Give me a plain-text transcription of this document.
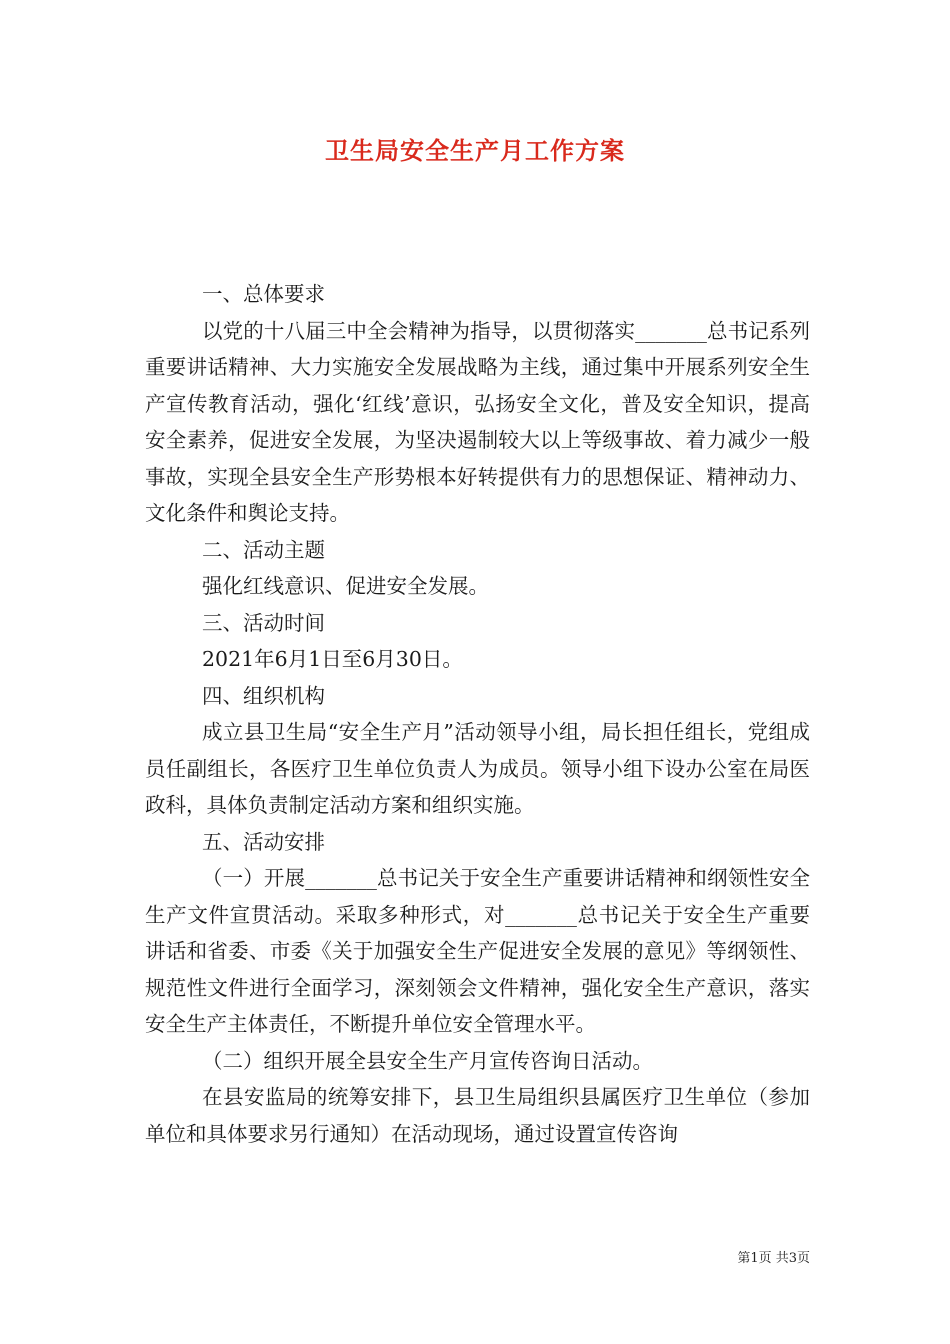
卫生局安全生产月工作方案

一、总体要求

以党的十八届三中全会精神为指导，以贯彻落实_______总书记系列重要讲话精神、大力实施安全发展战略为主线，通过集中开展系列安全生产宣传教育活动，强化‘红线’意识，弘扬安全文化，普及安全知识，提高安全素养，促进安全发展，为坚决遏制较大以上等级事故、着力减少一般事故，实现全县安全生产形势根本好转提供有力的思想保证、精神动力、文化条件和舆论支持。

二、活动主题

强化红线意识、促进安全发展。

三、活动时间

2021年6月1日至6月30日。

四、组织机构

成立县卫生局“安全生产月”活动领导小组，局长担任组长，党组成员任副组长，各医疗卫生单位负责人为成员。领导小组下设办公室在局医政科，具体负责制定活动方案和组织实施。

五、活动安排

（一）开展_______总书记关于安全生产重要讲话精神和纲领性安全生产文件宣贯活动。采取多种形式，对_______总书记关于安全生产重要讲话和省委、市委《关于加强安全生产促进安全发展的意见》等纲领性、规范性文件进行全面学习，深刻领会文件精神，强化安全生产意识，落实安全生产主体责任，不断提升单位安全管理水平。

（二）组织开展全县安全生产月宣传咨询日活动。

在县安监局的统筹安排下，县卫生局组织县属医疗卫生单位（参加单位和具体要求另行通知）在活动现场，通过设置宣传咨询

第1页 共3页
